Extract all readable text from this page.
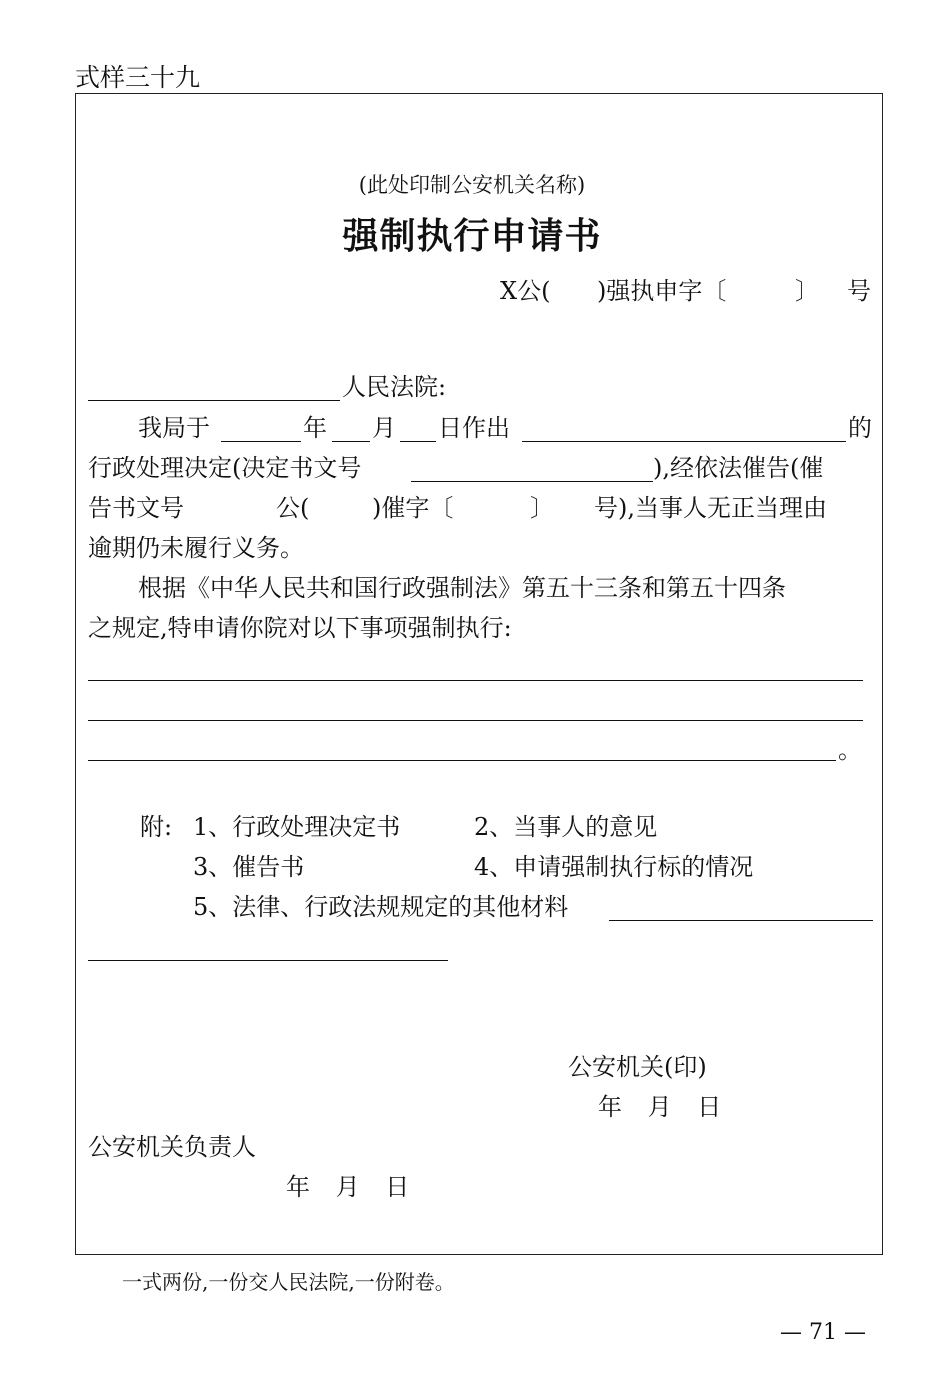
式样三十九
(此处印制公安机关名称)
强制执行申请书
X公( )强执申字〔	〕 号
人民法院:
我局于	年 月 日作出	的
行政处理决定(决定书文号	),经依法催告(催
告书文号	公(	)催字〔	〕 号),当事人无正当理由
逾期仍未履行义务。
根据《中华人民共和国行政强制法》第五十三条和第五十四条
之规定,特申请你院对以下事项强制执行:
。
附: 1、行政处理决定书	2、当事人的意见
3、催告书	4、申请强制执行标的情况
5、法律、行政法规规定的其他材料
公安机关(印)
年 月 日
公安机关负责人
年 月 日
一式两份,一份交人民法院,一份附卷。
— 71 —
